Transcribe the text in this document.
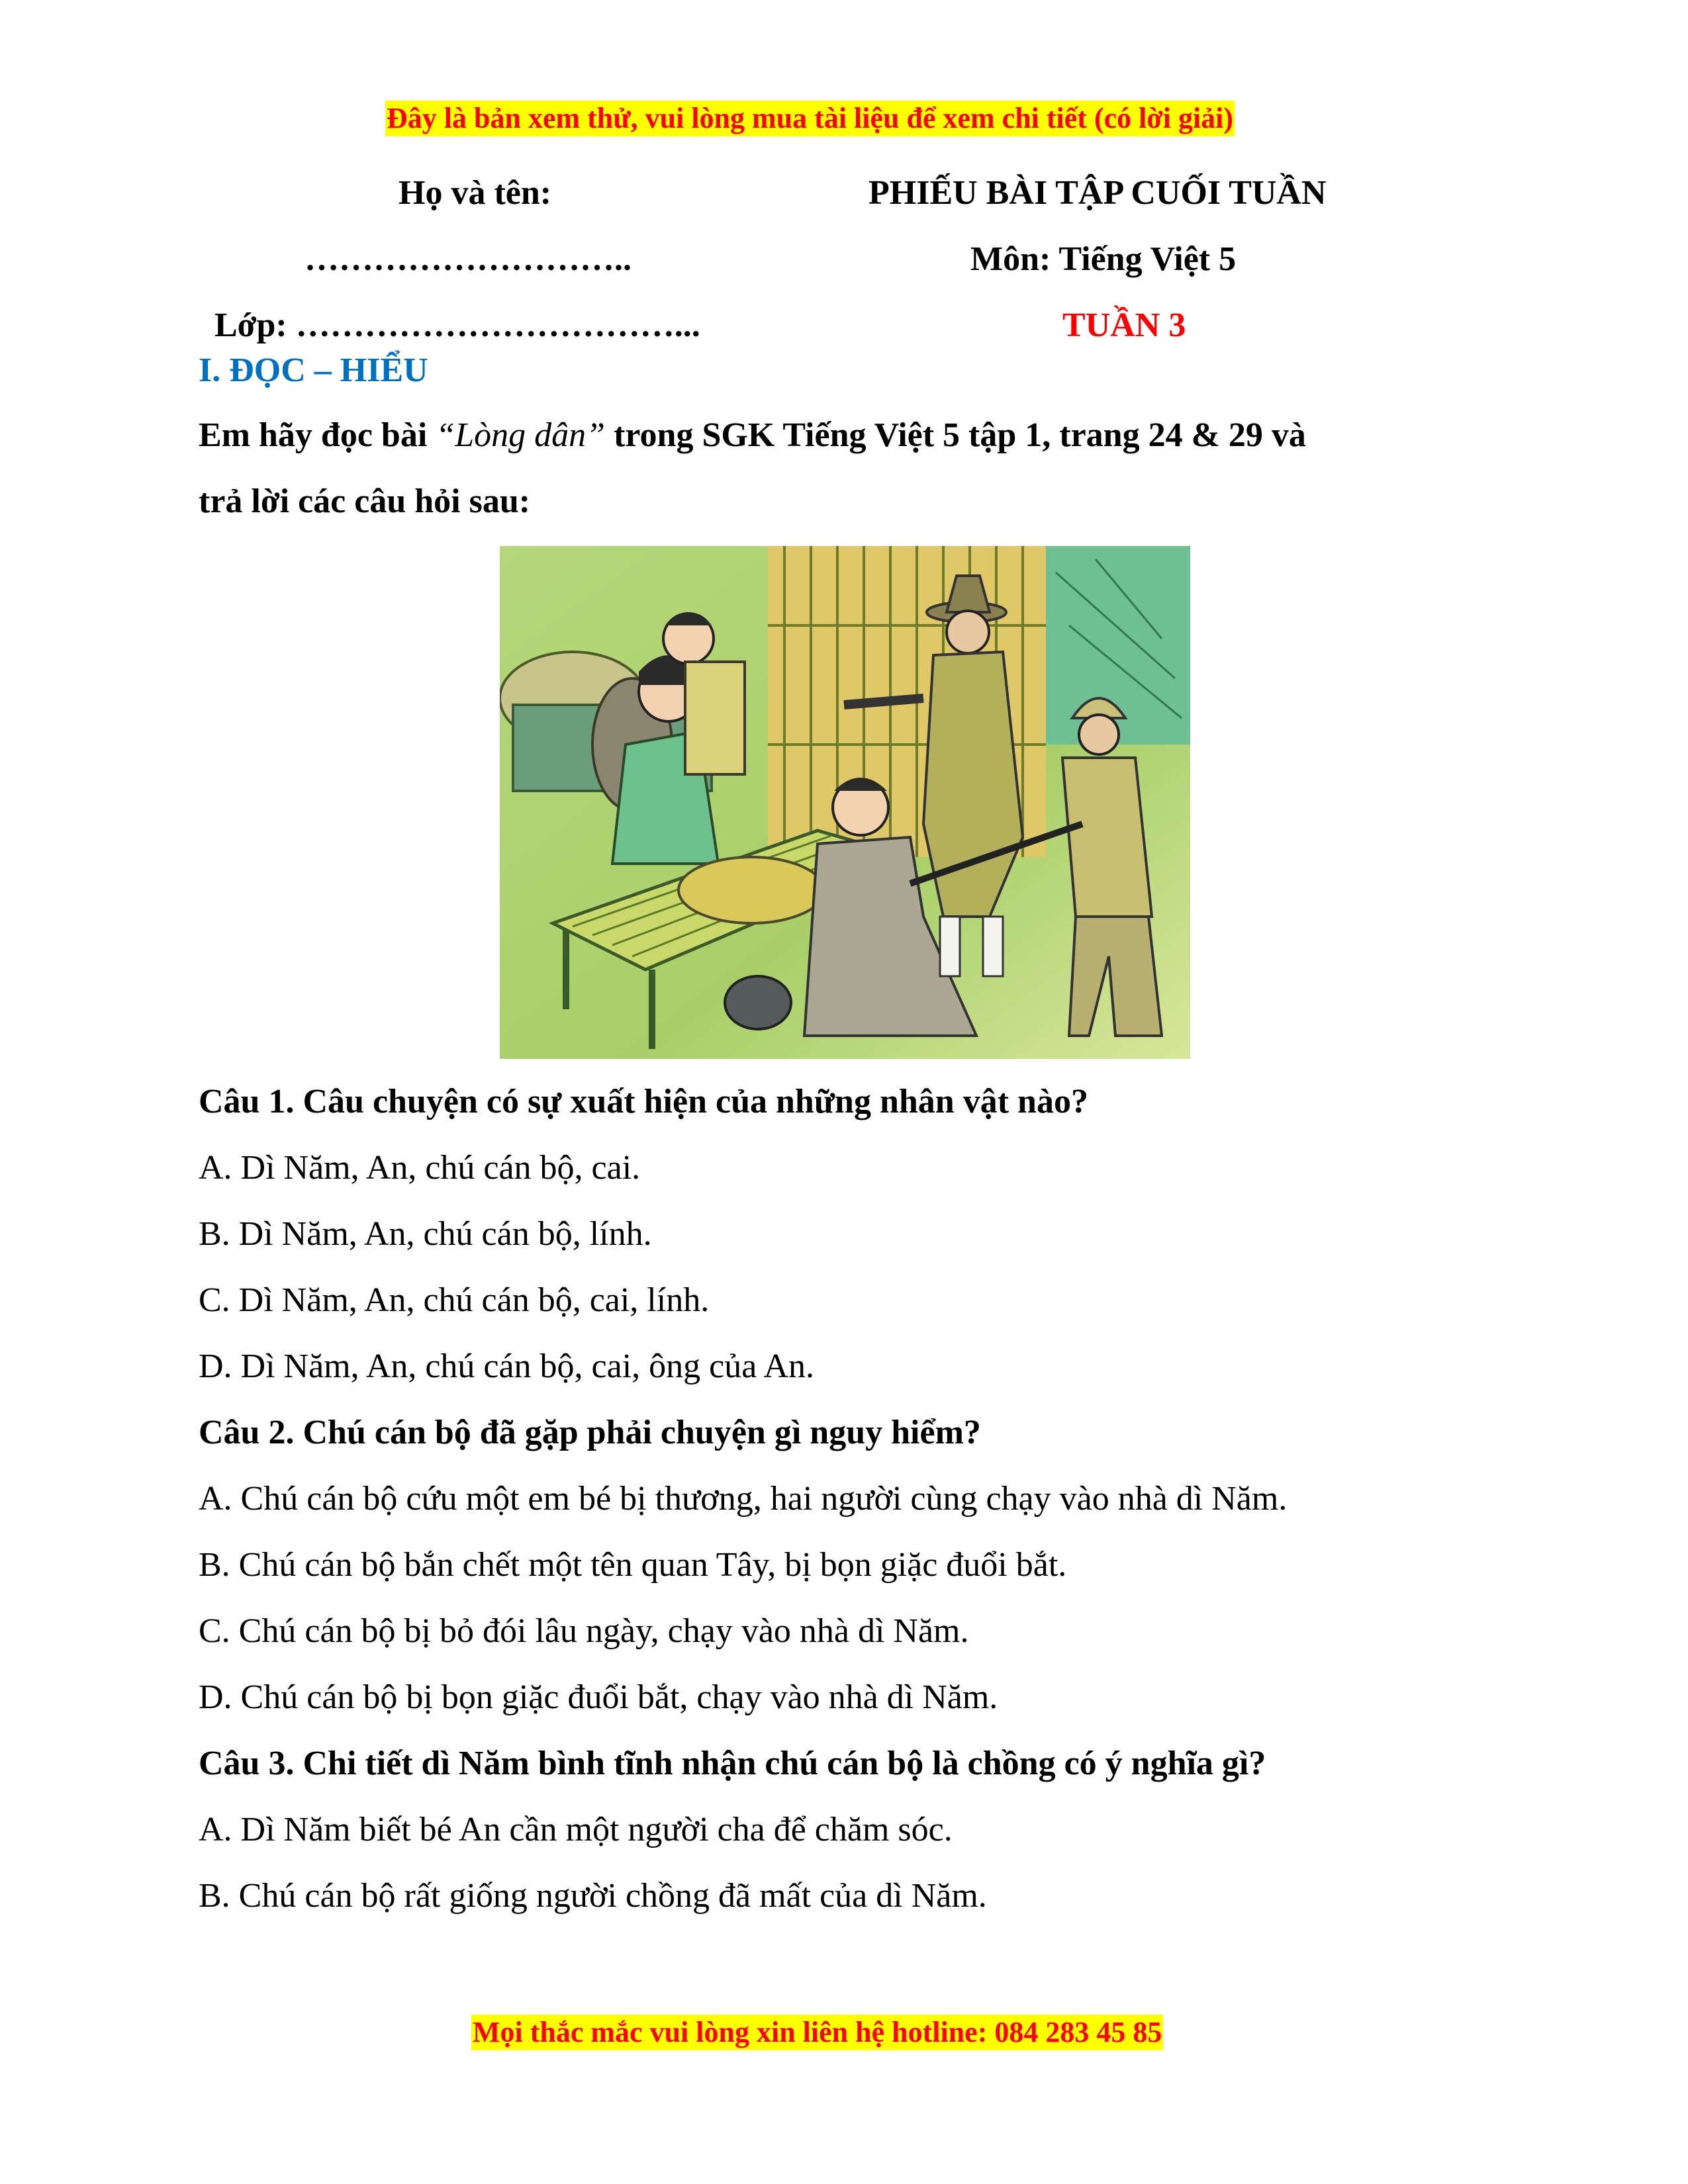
Đây là bản xem thử, vui lòng mua tài liệu để xem chi tiết (có lời giải)
Họ và tên:
………………………..
Lớp: ……………………………...
PHIẾU BÀI TẬP CUỐI TUẦN
Môn: Tiếng Việt 5
TUẦN 3
I. ĐỌC – HIỂU
Em hãy đọc bài “Lòng dân” trong SGK Tiếng Việt 5 tập 1, trang 24 & 29 và
trả lời các câu hỏi sau:
Câu 1. Câu chuyện có sự xuất hiện của những nhân vật nào?
A. Dì Năm, An, chú cán bộ, cai.
B. Dì Năm, An, chú cán bộ, lính.
C. Dì Năm, An, chú cán bộ, cai, lính.
D. Dì Năm, An, chú cán bộ, cai, ông của An.
Câu 2. Chú cán bộ đã gặp phải chuyện gì nguy hiểm?
A. Chú cán bộ cứu một em bé bị thương, hai người cùng chạy vào nhà dì Năm.
B. Chú cán bộ bắn chết một tên quan Tây, bị bọn giặc đuổi bắt.
C. Chú cán bộ bị bỏ đói lâu ngày, chạy vào nhà dì Năm.
D. Chú cán bộ bị bọn giặc đuổi bắt, chạy vào nhà dì Năm.
Câu 3. Chi tiết dì Năm bình tĩnh nhận chú cán bộ là chồng có ý nghĩa gì?
A. Dì Năm biết bé An cần một người cha để chăm sóc.
B. Chú cán bộ rất giống người chồng đã mất của dì Năm.
Mọi thắc mắc vui lòng xin liên hệ hotline: 084 283 45 85
